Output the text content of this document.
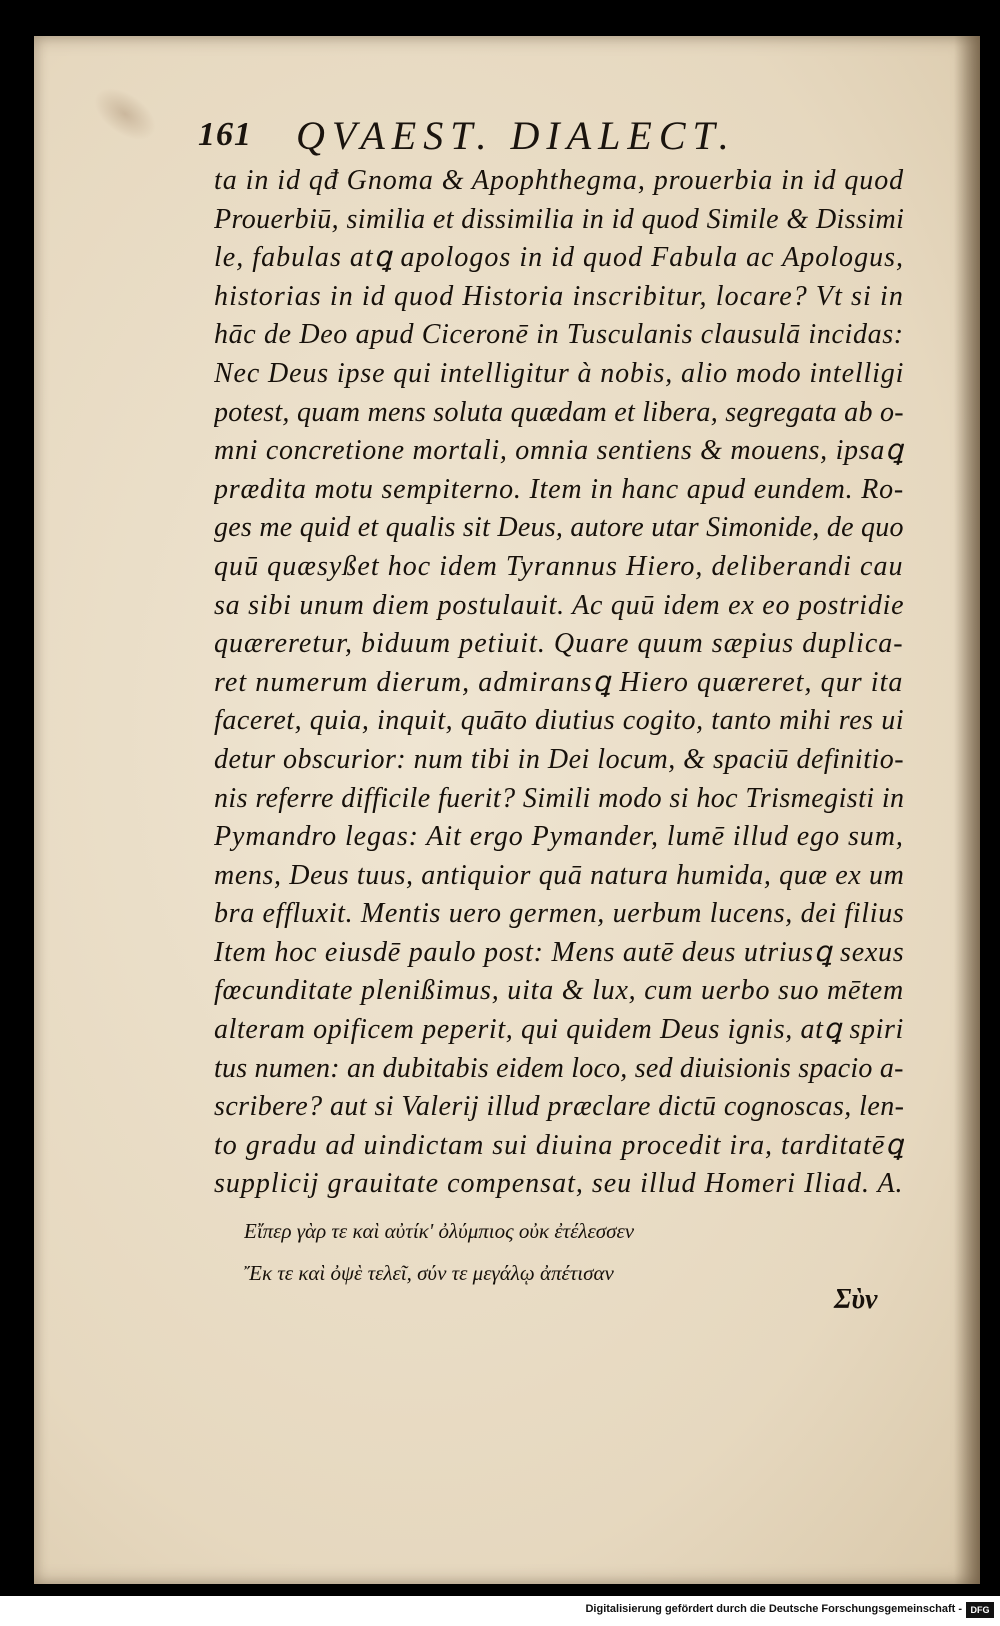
161 QVAEST. DIALECT.
ta in id qđ Gnoma & Apophthegma, prouerbia in id quod
Prouerbiū, similia et dissimilia in id quod Simile & Dissimi
le, fabulas atꝗ apologos in id quod Fabula ac Apologus,
historias in id quod Historia inscribitur, locare? Vt si in
hāc de Deo apud Ciceronē in Tusculanis clausulā incidas:
Nec Deus ipse qui intelligitur à nobis, alio modo intelligi
potest, quam mens soluta quædam et libera, segregata ab o-
mni concretione mortali, omnia sentiens & mouens, ipsaꝗ
prædita motu sempiterno. Item in hanc apud eundem. Ro-
ges me quid et qualis sit Deus, autore utar Simonide, de quo
quū quæsyßet hoc idem Tyrannus Hiero, deliberandi cau
sa sibi unum diem postulauit. Ac quū idem ex eo postridie
quæreretur, biduum petiuit. Quare quum sæpius duplica-
ret numerum dierum, admiransꝗ Hiero quæreret, qur ita
faceret, quia, inquit, quāto diutius cogito, tanto mihi res ui
detur obscurior: num tibi in Dei locum, & spaciū definitio-
nis referre difficile fuerit? Simili modo si hoc Trismegisti in
Pymandro legas: Ait ergo Pymander, lumē illud ego sum,
mens, Deus tuus, antiquior quā natura humida, quæ ex um
bra effluxit. Mentis uero germen, uerbum lucens, dei filius
Item hoc eiusdē paulo post: Mens autē deus utriusꝗ sexus
fœcunditate plenißimus, uita & lux, cum uerbo suo mētem
alteram opificem peperit, qui quidem Deus ignis, atꝗ spiri
tus numen: an dubitabis eidem loco, sed diuisionis spacio a-
scribere? aut si Valerij illud præclare dictū cognoscas, len-
to gradu ad uindictam sui diuina procedit ira, tarditatēꝗ
supplicij grauitate compensat, seu illud Homeri Iliad. A.
Εἴπερ γὰρ τε καὶ αὐτίκ' ὀλύμπιος οὐκ ἐτέλεσσεν
Ἔκ τε καὶ ὀψὲ τελεῖ, σύν τε μεγάλῳ ἀπέτισαν
Σὺν
Digitalisierung gefördert durch die Deutsche Forschungsgemeinschaft - DFG
